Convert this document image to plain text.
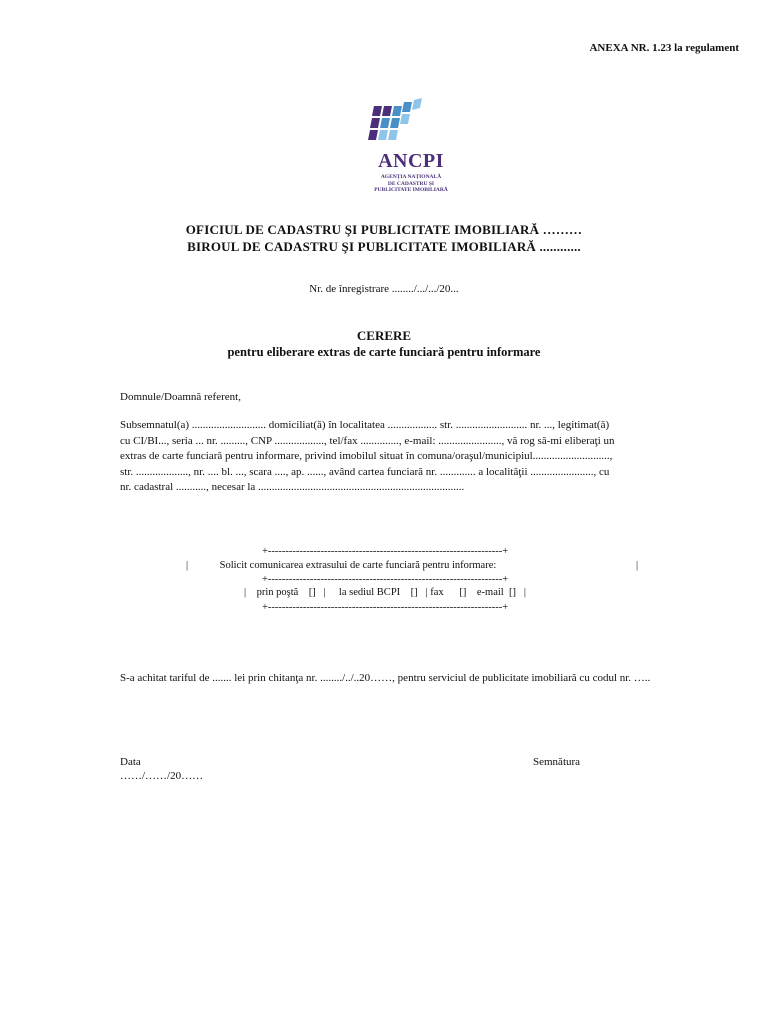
ANEXA NR. 1.23 la regulament
ANCPI
AGENȚIA NAȚIONALĂ
DE CADASTRU ȘI
PUBLICITATE IMOBILIARĂ
OFICIUL DE CADASTRU ŞI PUBLICITATE IMOBILIARĂ ………
BIROUL DE CADASTRU ŞI PUBLICITATE IMOBILIARĂ ............
Nr. de înregistrare ......../.../.../20...
CERERE
pentru eliberare extras de carte funciară pentru informare
Domnule/Doamnă referent,
Subsemnatul(a) ........................... domiciliat(ă) în localitatea .................. str. .......................... nr. ..., legitimat(ă)
cu CI/BI..., seria ... nr. ........., CNP .................., tel/fax .............., e-mail: ......................., vă rog să-mi eliberaţi un
extras de carte funciară pentru informare, privind imobilul situat în comuna/oraşul/municipiul............................,
str. ..................., nr. .... bl. ..., scara ...., ap. ......, având cartea funciară nr. ............. a localităţii ......................., cu
nr. cadastral ..........., necesar la ...........................................................................
+-------------------------------------------------------------------+
|	Solicit comunicarea extrasului de carte funciară pentru informare:	|
+-------------------------------------------------------------------+
|    prin poştă    []   |     la sediul BCPI    []   | fax      []    e-mail  []   |
+-------------------------------------------------------------------+
S-a achitat tariful de ....... lei prin chitanţa nr. ......../../..20……, pentru serviciul de publicitate imobiliară cu codul nr. …..
Data
……/……/20……
Semnătura
